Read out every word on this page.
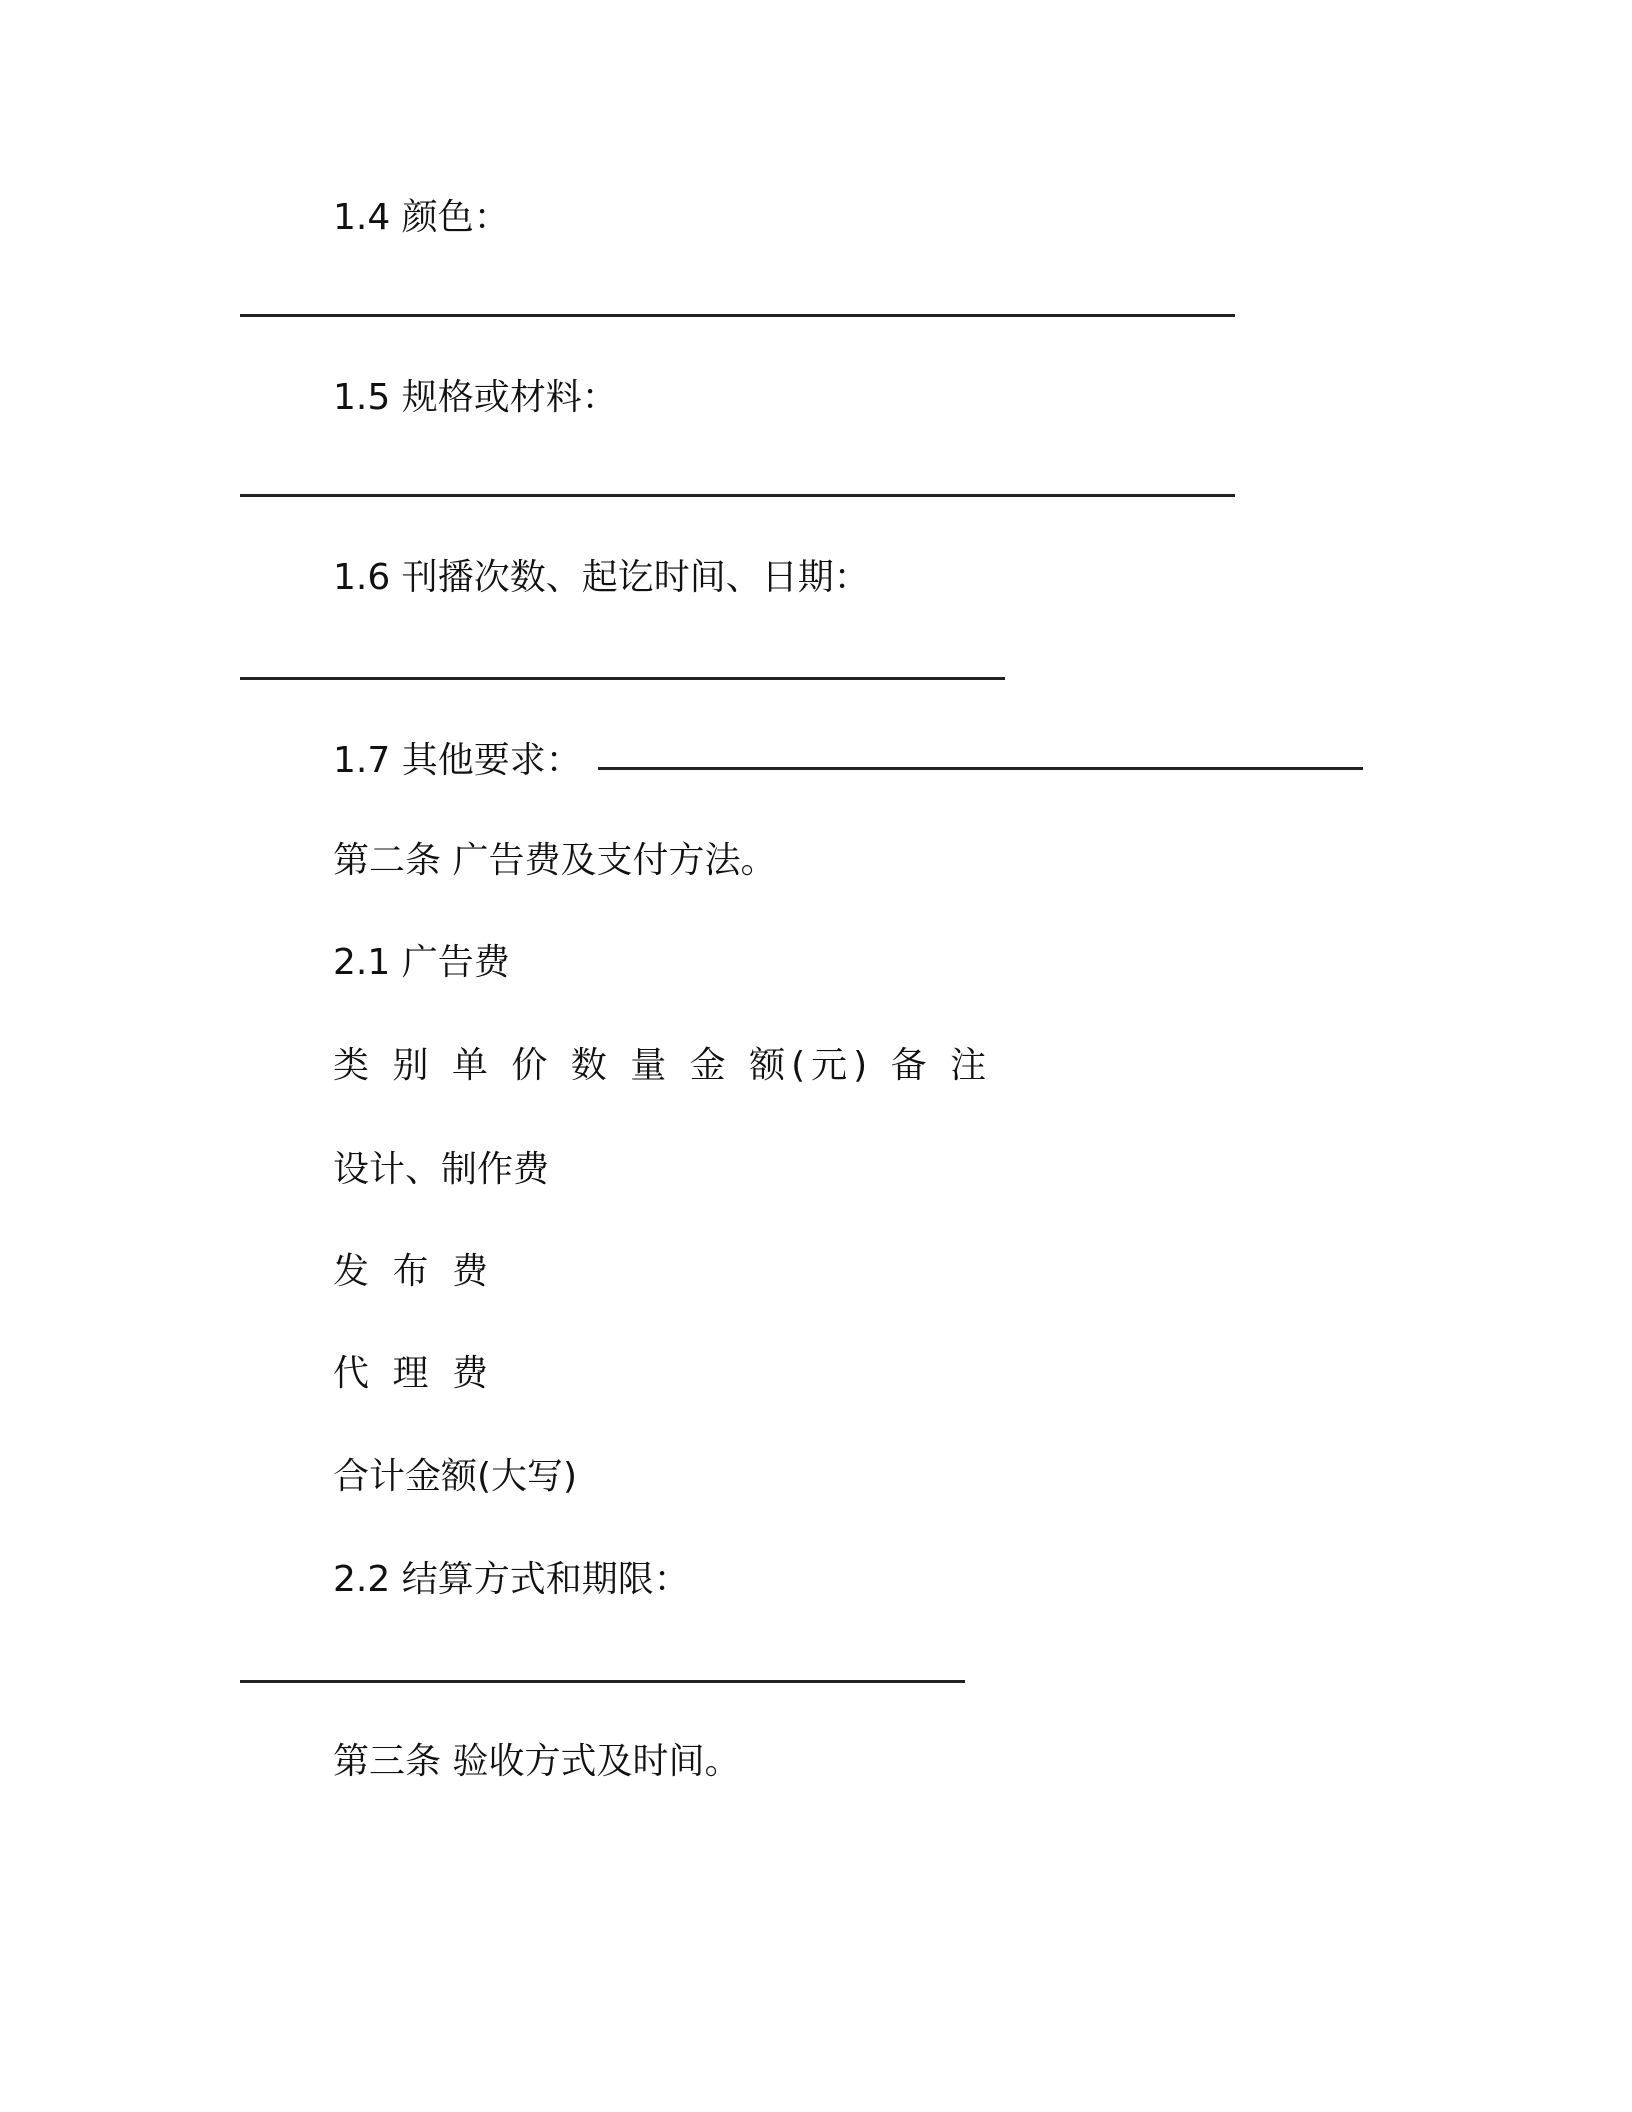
1.4 颜色：
1.5 规格或材料：
1.6 刊播次数、起讫时间、日期：
1.7 其他要求：
第二条 广告费及支付方法。
2.1 广告费
类 别 单 价 数 量 金 额(元) 备 注
设计、制作费
发 布 费
代 理 费
合计金额(大写)
2.2 结算方式和期限：
第三条 验收方式及时间。
